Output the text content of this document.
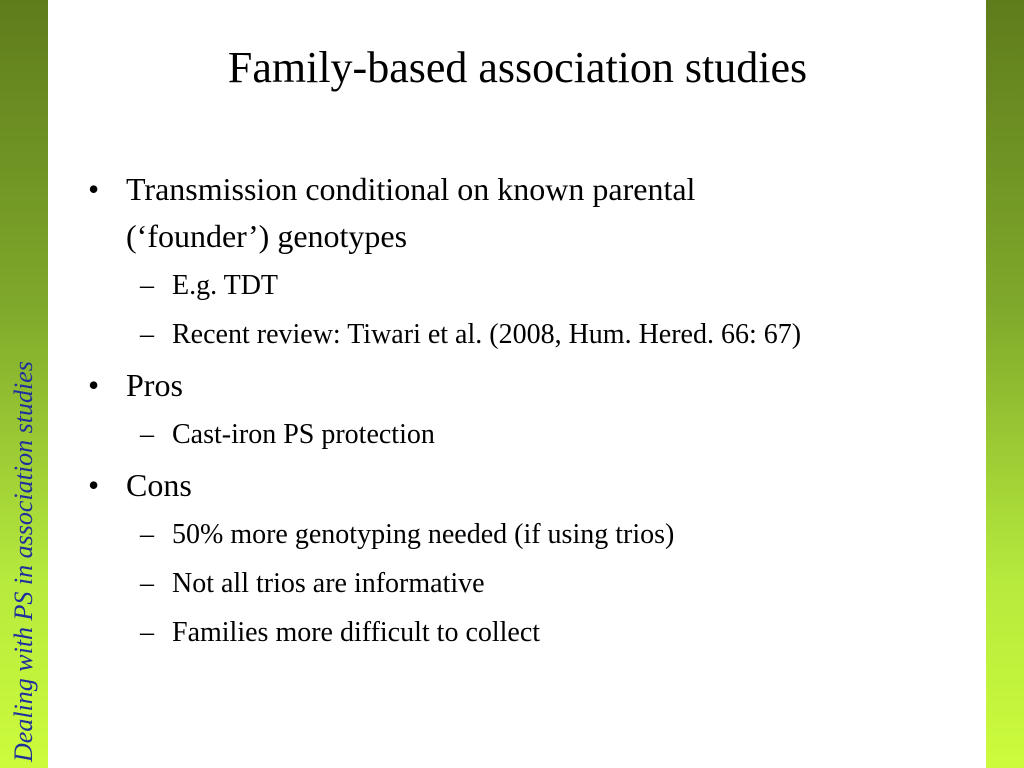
Dealing with PS in association studies
Family-based association studies
• Transmission conditional on known parental
(‘founder’) genotypes
– E.g. TDT
– Recent review: Tiwari et al. (2008, Hum. Hered. 66: 67)
• Pros
– Cast-iron PS protection
• Cons
– 50% more genotyping needed (if using trios)
– Not all trios are informative
– Families more difficult to collect
